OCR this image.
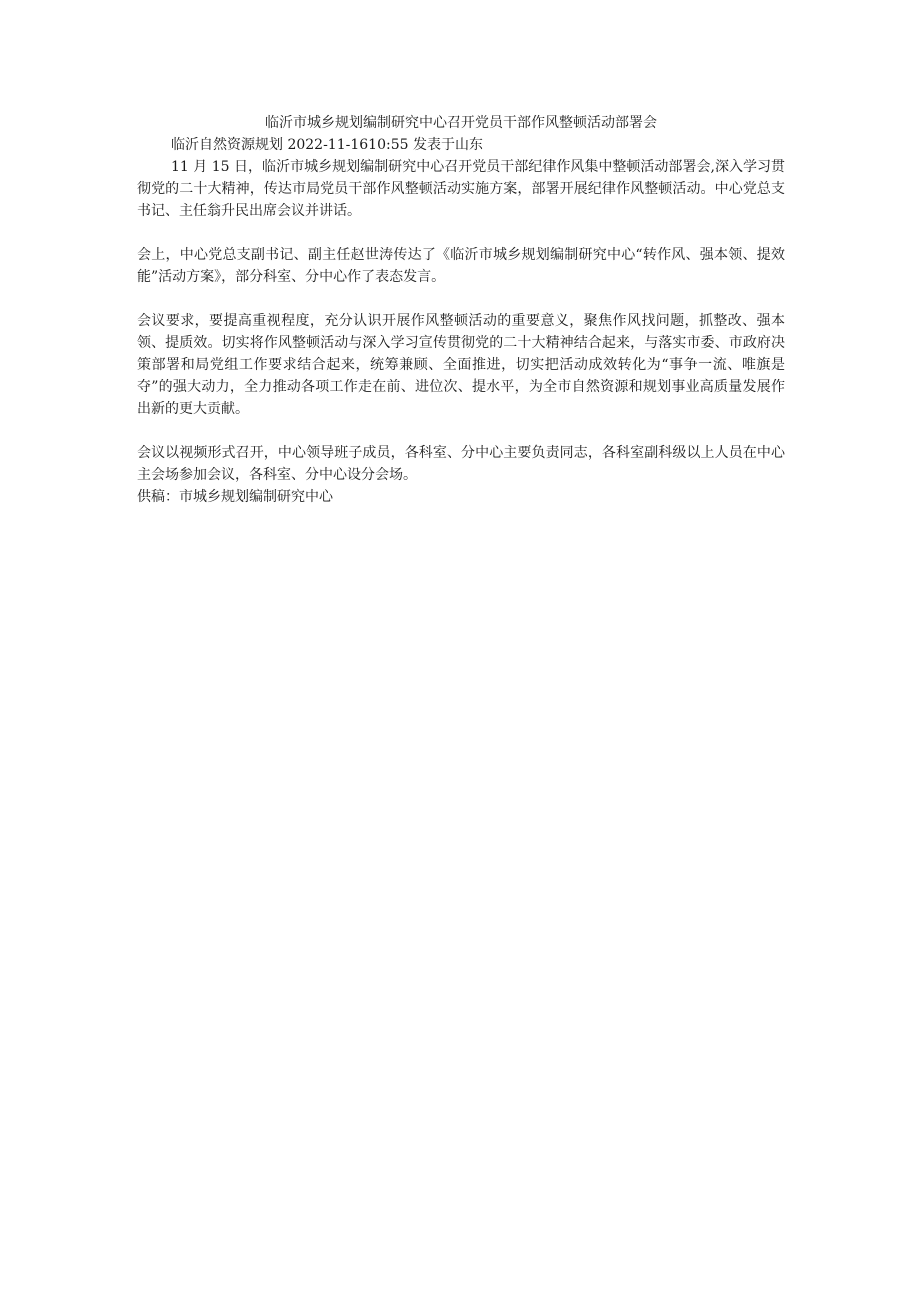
临沂市城乡规划编制研究中心召开党员干部作风整顿活动部署会

临沂自然资源规划 2022-11-1610:55 发表于山东

11 月 15 日，临沂市城乡规划编制研究中心召开党员干部纪律作风集中整顿活动部署会,深入学习贯彻党的二十大精神，传达市局党员干部作风整顿活动实施方案，部署开展纪律作风整顿活动。中心党总支书记、主任翁升民出席会议并讲话。

会上，中心党总支副书记、副主任赵世涛传达了《临沂市城乡规划编制研究中心“转作风、强本领、提效能”活动方案》，部分科室、分中心作了表态发言。

会议要求，要提高重视程度，充分认识开展作风整顿活动的重要意义，聚焦作风找问题，抓整改、强本领、提质效。切实将作风整顿活动与深入学习宣传贯彻党的二十大精神结合起来，与落实市委、市政府决策部署和局党组工作要求结合起来，统筹兼顾、全面推进，切实把活动成效转化为“事争一流、唯旗是夺”的强大动力，全力推动各项工作走在前、进位次、提水平，为全市自然资源和规划事业高质量发展作出新的更大贡献。

会议以视频形式召开，中心领导班子成员，各科室、分中心主要负责同志，各科室副科级以上人员在中心主会场参加会议，各科室、分中心设分会场。

供稿：市城乡规划编制研究中心
